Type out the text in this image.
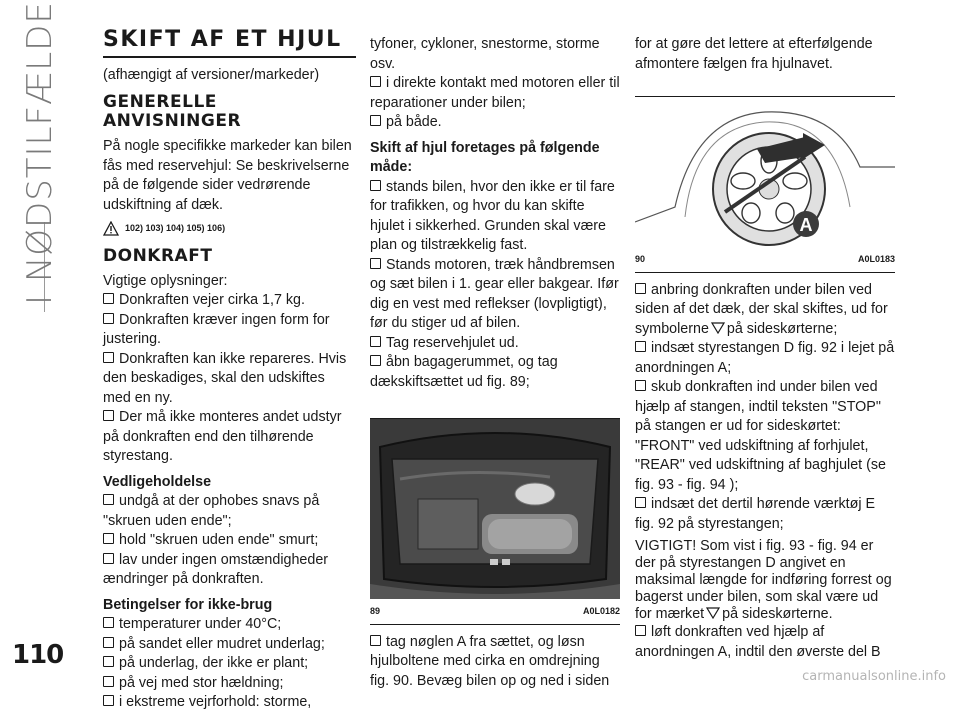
I NØDSTILFÆLDE
110
carmanualsonline.info
SKIFT AF ET HJUL

(afhængigt af versioner/markeder)

GENERELLE ANVISNINGER

På nogle specifikke markeder kan bilen fås med reservehjul: Se beskrivelserne på de følgende sider vedrørende udskiftning af dæk.

102) 103) 104) 105) 106)
DONKRAFT

Vigtige oplysninger:

Donkraften vejer cirka 1,7 kg.

Donkraften kræver ingen form for justering.

Donkraften kan ikke repareres. Hvis den beskadiges, skal den udskiftes med en ny.

Der må ikke monteres andet udstyr på donkraften end den tilhørende styrestang.

Vedligeholdelse

undgå at der ophobes snavs på "skruen uden ende";

hold "skruen uden ende" smurt;

lav under ingen omstændigheder ændringer på donkraften.

Betingelser for ikke-brug

temperaturer under 40°C;

på sandet eller mudret underlag;

på underlag, der ikke er plant;

på vej med stor hældning;

i ekstreme vejrforhold: storme,

tyfoner, cykloner, snestorme, storme osv.

i direkte kontakt med motoren eller til reparationer under bilen;

på både.

Skift af hjul foretages på følgende måde:

stands bilen, hvor den ikke er til fare for trafikken, og hvor du kan skifte hjulet i sikkerhed. Grunden skal være plan og tilstrækkelig fast.

Stands motoren, træk håndbremsen og sæt bilen i 1. gear eller bakgear. Ifør dig en vest med reflekser (lovpligtigt), før du stiger ud af bilen.

Tag reservehjulet ud.

åbn bagagerummet, og tag dækskiftsættet ud fig. 89;

89	A0L0182

tag nøglen A fra sættet, og løsn hjulboltene med cirka en omdrejning fig. 90. Bevæg bilen op og ned i siden

for at gøre det lettere at efterfølgende afmontere fælgen fra hjulnavet.

A
90	A0L0183

anbring donkraften under bilen ved siden af det dæk, der skal skiftes, ud for symbolerne på sideskørterne;

indsæt styrestangen D fig. 92 i lejet på anordningen A;

skub donkraften ind under bilen ved hjælp af stangen, indtil teksten "STOP" på stangen er ud for sideskørtet: "FRONT" ved udskiftning af forhjulet, "REAR" ved udskiftning af baghjulet (se fig. 93 - fig. 94 );

indsæt det dertil hørende værktøj E fig. 92 på styrestangen;

VIGTIGT! Som vist i fig. 93 - fig. 94 er der på styrestangen D angivet en maksimal længde for indføring forrest og bagerst under bilen, som skal være ud for mærket på sideskørterne.

løft donkraften ved hjælp af anordningen A, indtil den øverste del B
